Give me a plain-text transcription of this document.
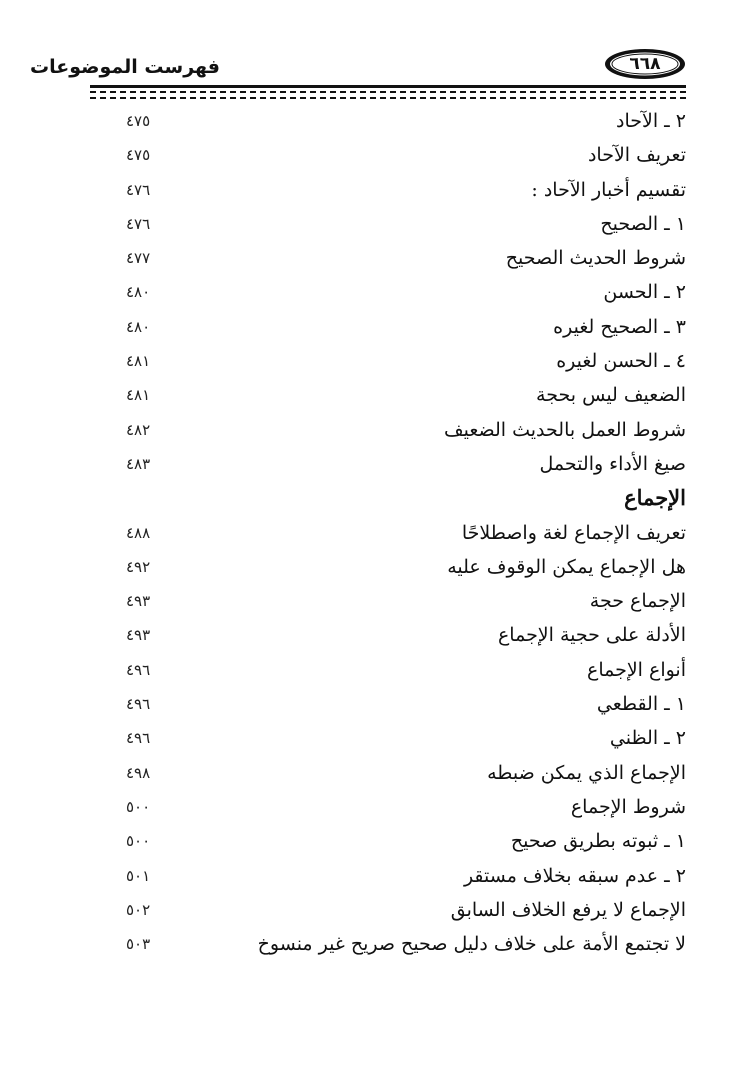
فهرست الموضوعات	٦٦٨
٢ ـ الآحاد
٤٧٥
تعريف الآحاد
٤٧٥
تقسيم أخبار الآحاد :
٤٧٦
١ ـ الصحيح
٤٧٦
شروط الحديث الصحيح
٤٧٧
٢ ـ الحسن
٤٨٠
٣ ـ الصحيح لغيره
٤٨٠
٤ ـ الحسن لغيره
٤٨١
الضعيف ليس بحجة
٤٨١
شروط العمل بالحديث الضعيف
٤٨٢
صيغ الأداء والتحمل
٤٨٣
الإجماع
تعريف الإجماع لغة واصطلاحًا
٤٨٨
هل الإجماع يمكن الوقوف عليه
٤٩٢
الإجماع حجة
٤٩٣
الأدلة على حجية الإجماع
٤٩٣
أنواع الإجماع
٤٩٦
١ ـ القطعي
٤٩٦
٢ ـ الظني
٤٩٦
الإجماع الذي يمكن ضبطه
٤٩٨
شروط الإجماع
٥٠٠
١ ـ ثبوته بطريق صحيح
٥٠٠
٢ ـ عدم سبقه بخلاف مستقر
٥٠١
الإجماع لا يرفع الخلاف السابق
٥٠٢
لا تجتمع الأمة على خلاف دليل صحيح صريح غير منسوخ
٥٠٣
